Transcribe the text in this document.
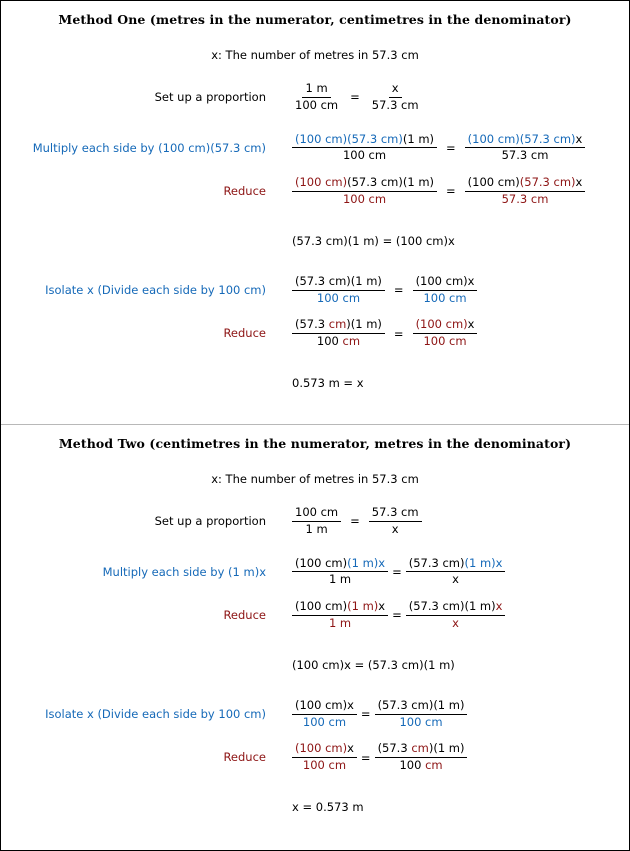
Method One (metres in the numerator, centimetres in the denominator)
x: The number of metres in 57.3 cm
Set up a proportion $\frac{1 m}{100 cm} = \frac{x}{57.3 cm}$
Multiply each side by (100 cm)(57.3 $cm) \frac{(100 cm)(57.3 cm)(1 m)}{100 cm} = \frac{(100 cm)(57.3 cm)x}{57.3 cm}$
Reduce $\frac{(100 cm)(57.3 cm)(1 m)}{100 cm} = \frac{(100 cm)(57.3 cm)x}{57.3 cm}$
(57.3 cm)(1 m) = (100 cm)x
Isolate x (Divide each side by 100 $cm) \frac{(57.3 cm)(1 m)}{100 cm} = \frac{(100 cm)x}{100 cm}$
Reduce $\frac{(57.3 cm)(1 m)}{100 cm} = \frac{(100 cm)x}{100 cm}$
0.573 m = x
Method Two (centimetres in the numerator, metres in the denominator)
x: The number of metres in 57.3 cm
Set up a proportion $\frac{100 cm}{1 m} = \frac{57.3 cm}{x}$
Multiply each side by (1 $m)x \frac{(100 cm)(1 m)x}{1 m} = \frac{(57.3 cm)(1 m)x}{x}$
Reduce $\frac{(100 cm)(1 m)x}{1 m} = \frac{(57.3 cm)(1 m)x}{x}$
(100 cm)x = (57.3 cm)(1 m)
Isolate x (Divide each side by 100 $cm) \frac{(100 cm)x}{100 cm} = \frac{(57.3 cm)(1 m)}{100 cm}$
Reduce $\frac{(100 cm)x}{100 cm} = \frac{(57.3 cm)(1 m)}{100 cm}$
x = 0.573 m
